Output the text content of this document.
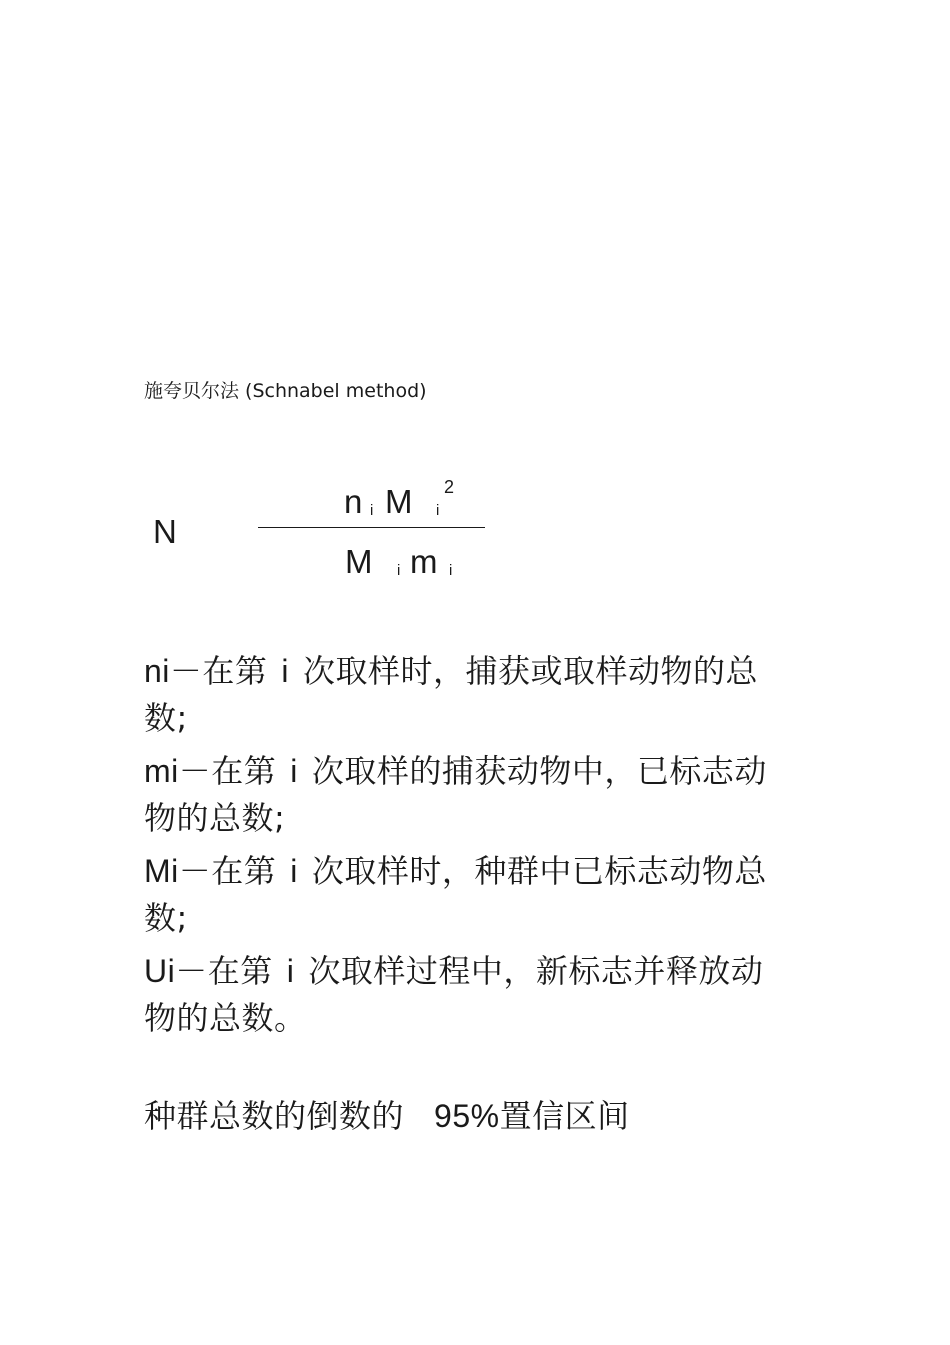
施夸贝尔法 (Schnabel method)
N
n i M i
2
M i m i
ni－在第 i 次取样时，捕获或取样动物的总数;
mi－在第 i 次取样的捕获动物中，已标志动物的总数;
Mi－在第 i 次取样时，种群中已标志动物总数;
Ui－在第 i 次取样过程中，新标志并释放动物的总数。
种群总数的倒数的 95%置信区间
